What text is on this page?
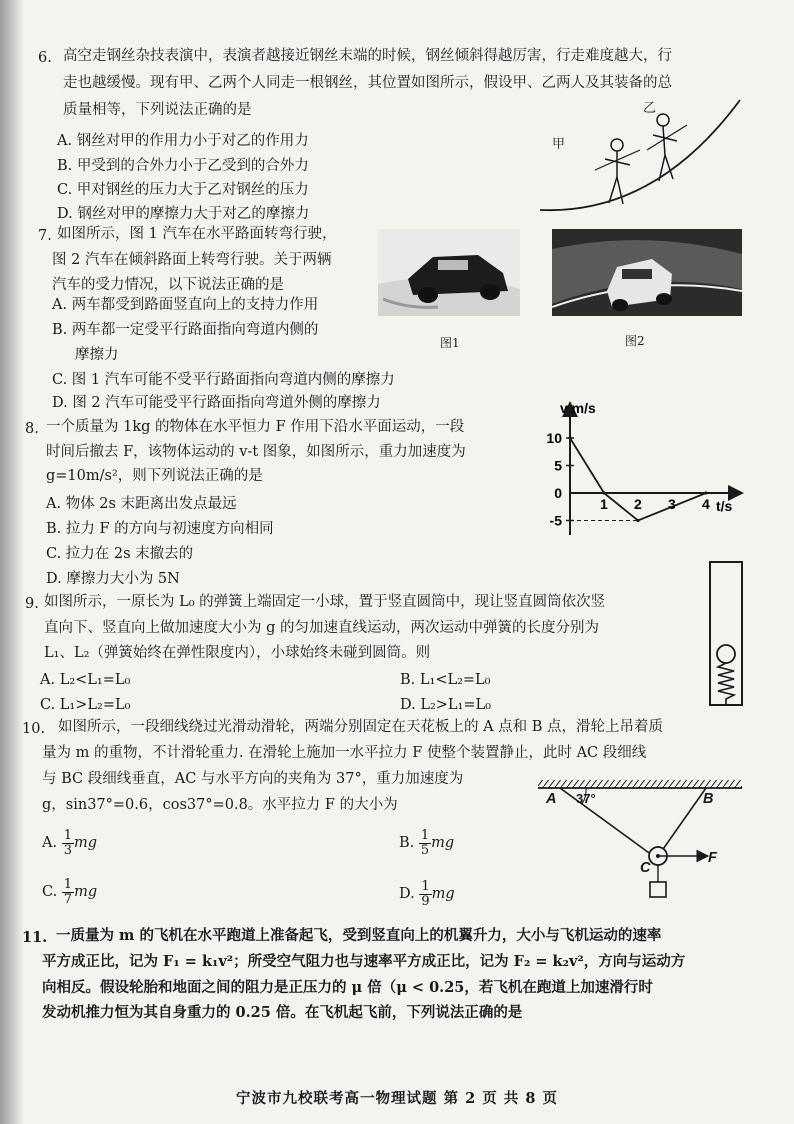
6. 高空走钢丝杂技表演中，表演者越接近钢丝末端的时候，钢丝倾斜得越厉害，行走难度越大，行
走也越缓慢。现有甲、乙两个人同走一根钢丝，其位置如图所示，假设甲、乙两人及其装备的总
质量相等，下列说法正确的是
A. 钢丝对甲的作用力小于对乙的作用力
B. 甲受到的合外力小于乙受到的合外力
C. 甲对钢丝的压力大于乙对钢丝的压力
D. 钢丝对甲的摩擦力大于对乙的摩擦力
甲
乙
7. 如图所示，图 1 汽车在水平路面转弯行驶，
图 2 汽车在倾斜路面上转弯行驶。关于两辆
汽车的受力情况，以下说法正确的是
A. 两车都受到路面竖直向上的支持力作用
B. 两车都一定受平行路面指向弯道内侧的
摩擦力
C. 图 1 汽车可能不受平行路面指向弯道内侧的摩擦力
D. 图 2 汽车可能受平行路面指向弯道外侧的摩擦力
图1	图2
8. 一个质量为 1kg 的物体在水平恒力 F 作用下沿水平面运动，一段
时间后撤去 F，该物体运动的 v-t 图象，如图所示，重力加速度为
g=10m/s²，则下列说法正确的是
A. 物体 2s 末距离出发点最远
B. 拉力 F 的方向与初速度方向相同
C. 拉力在 2s 末撤去的
D. 摩擦力大小为 5N
v m/s
t/s
1 2 3 4
10
5
0
-5
9. 如图所示，一原长为 L₀ 的弹簧上端固定一小球，置于竖直圆筒中，现让竖直圆筒依次竖
直向下、竖直向上做加速度大小为 g 的匀加速直线运动，两次运动中弹簧的长度分别为
L₁、L₂（弹簧始终在弹性限度内），小球始终未碰到圆筒。则
A. L₂<L₁=L₀	B. L₁<L₂=L₀
C. L₁>L₂=L₀	D. L₂>L₁=L₀
10. 如图所示，一段细线绕过光滑动滑轮，两端分别固定在天花板上的 A 点和 B 点，滑轮上吊着质
量为 m 的重物，不计滑轮重力. 在滑轮上施加一水平拉力 F 使整个装置静止，此时 AC 段细线
与 BC 段细线垂直，AC 与水平方向的夹角为 37°，重力加速度为
g，sin37°=0.6，cos37°=0.8。水平拉力 F 的大小为
A. $\frac{1}{3}$ mg	B. $\frac{1}{5}$ mg
C. $\frac{1}{7}$ mg	D. $\frac{1}{9}$ mg
A 37°	B
C
F
11. 一质量为 m 的飞机在水平跑道上准备起飞，受到竖直向上的机翼升力，大小与飞机运动的速率
平方成正比，记为 F₁ = k₁v²；所受空气阻力也与速率平方成正比，记为 F₂ = k₂v²，方向与运动方
向相反。假设轮胎和地面之间的阻力是正压力的 μ 倍（μ < 0.25，若飞机在跑道上加速滑行时
发动机推力恒为其自身重力的 0.25 倍。在飞机起飞前，下列说法正确的是
宁波市九校联考高一物理试题 第 2 页 共 8 页
